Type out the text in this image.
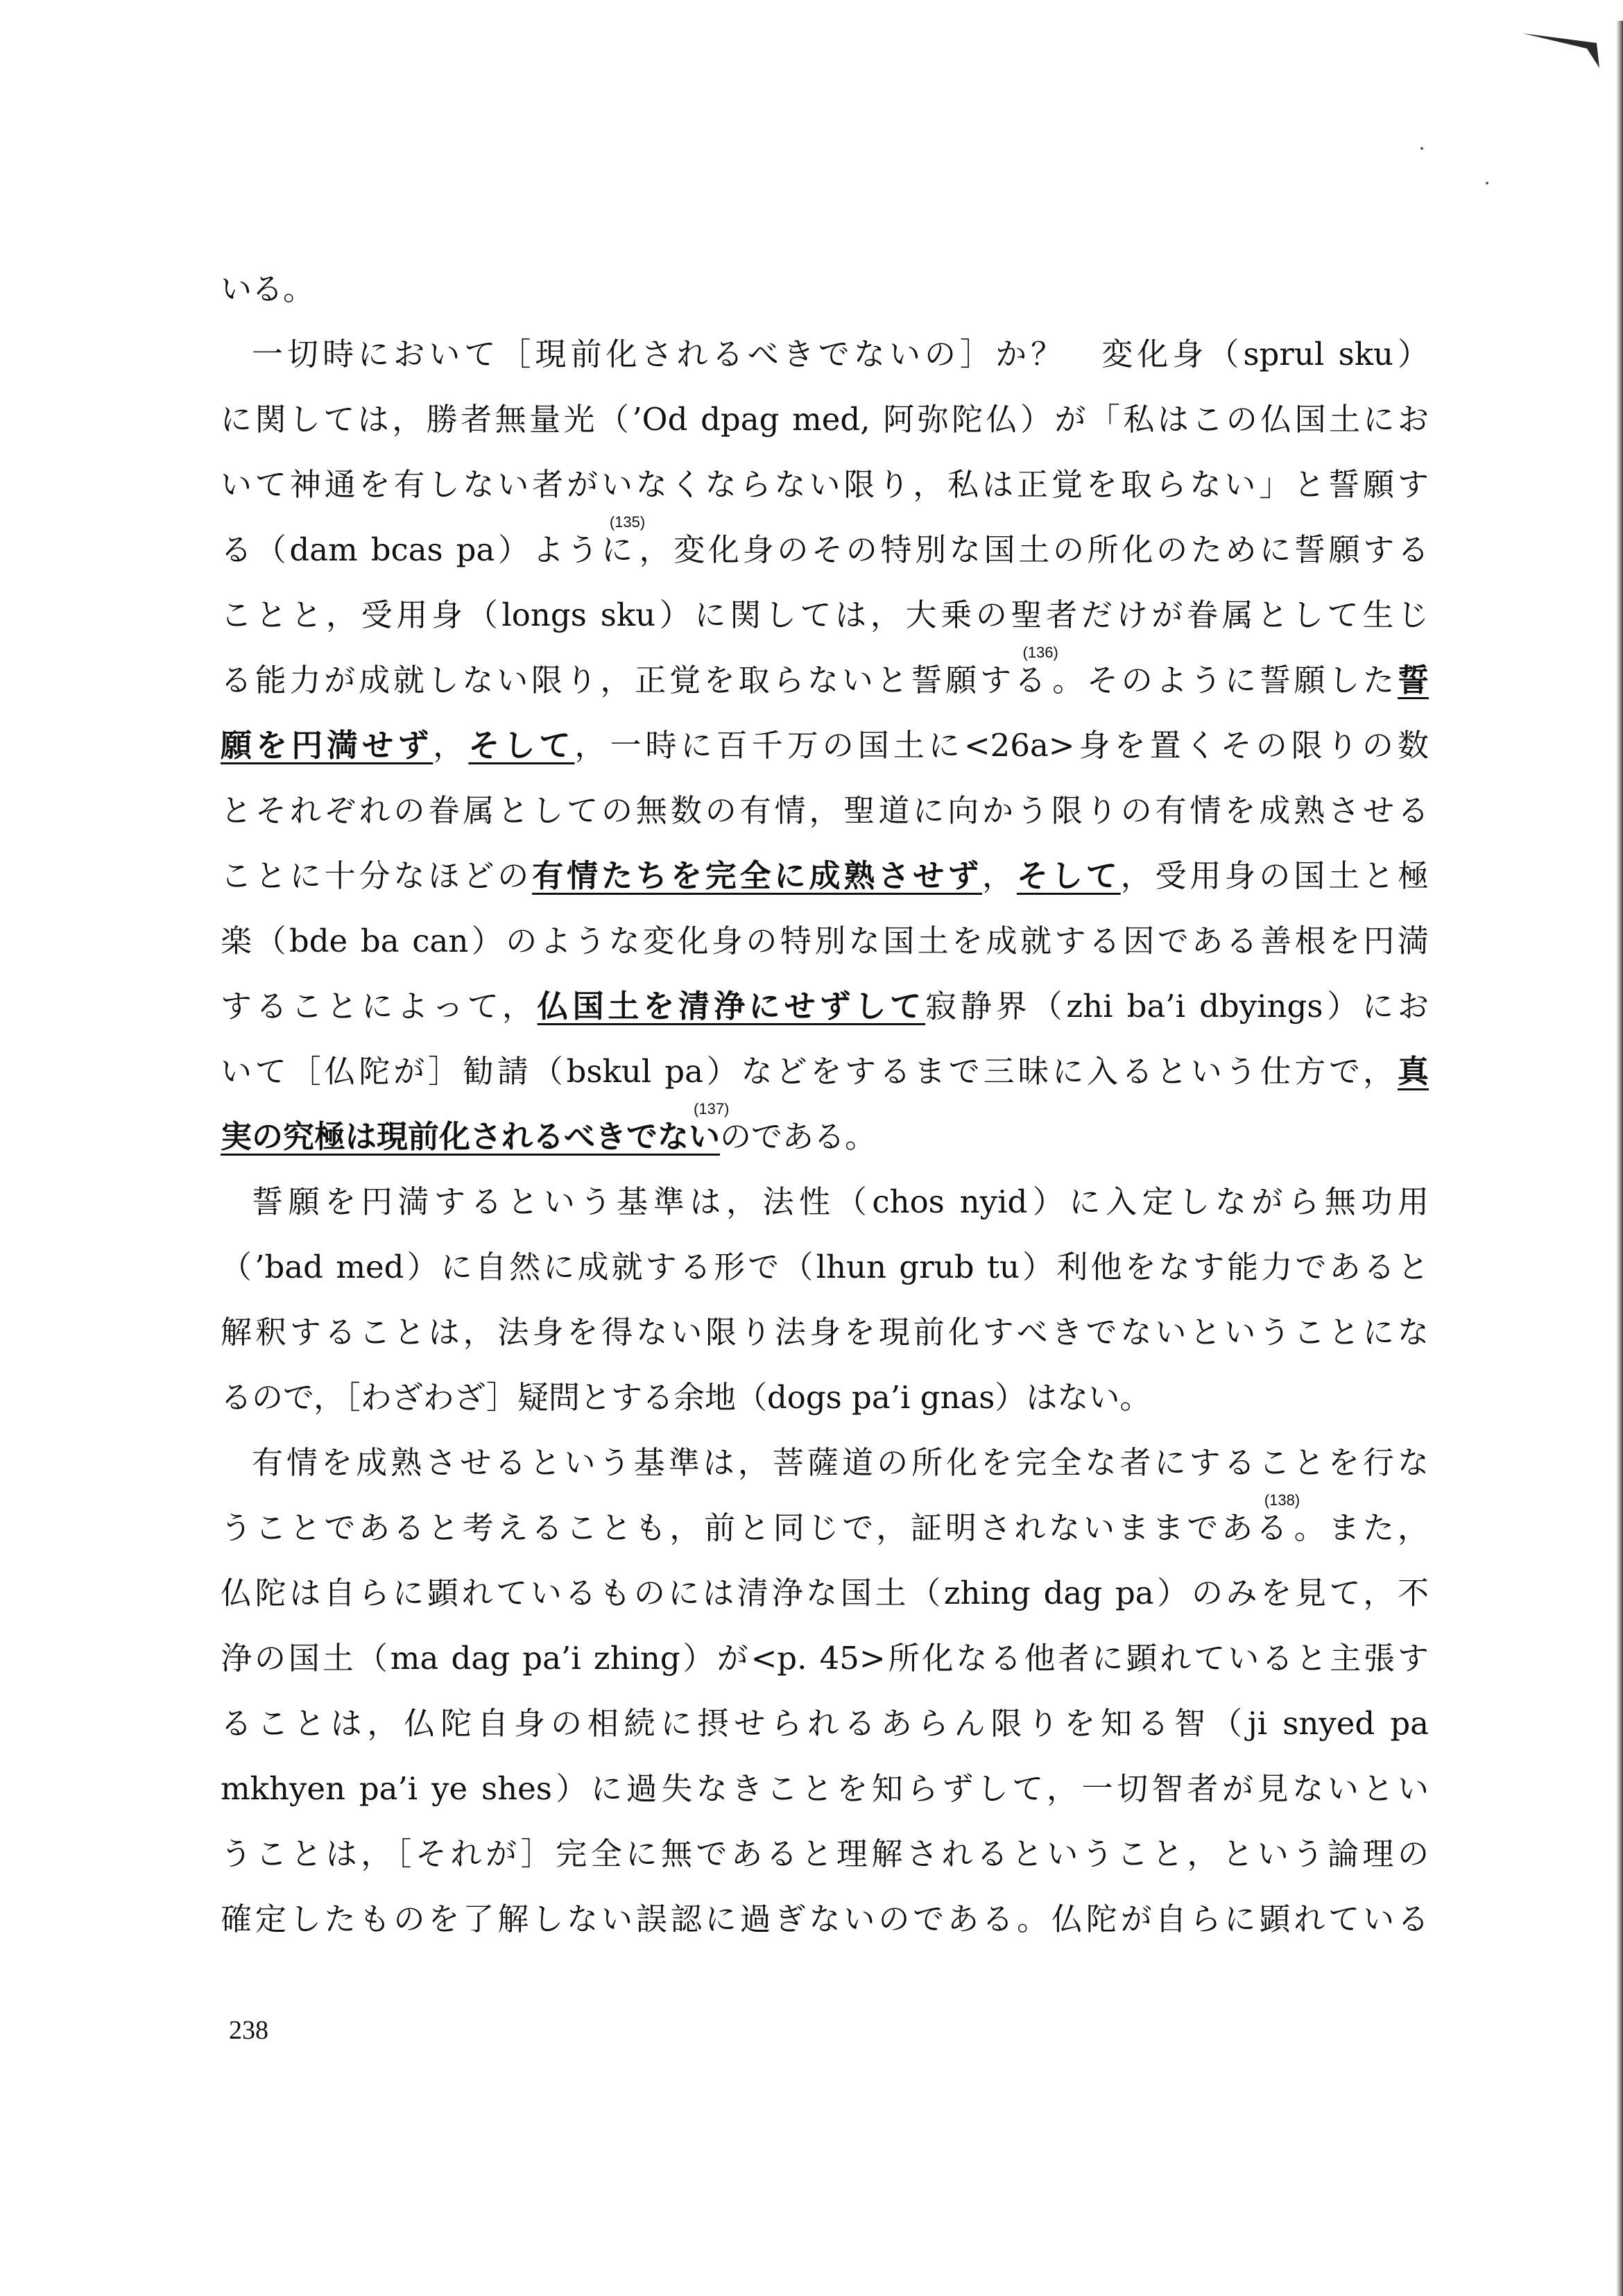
いる。
一切時において［現前化されるべきでないの］か？　変化身（sprul sku）
に関しては，勝者無量光（’Od dpag med, 阿弥陀仏）が「私はこの仏国土にお
いて神通を有しない者がいなくならない限り，私は正覚を取らない」と誓願す
る（dam bcas pa）ように
(135)
，変化身のその特別な国土の所化のために誓願する
ことと，受用身（longs sku）に関しては，大乗の聖者だけが眷属として生じ
る能力が成就しない限り，正覚を取らないと誓願する
(136)
。そのように誓願した誓
願を円満せず，そして，一時に百千万の国土に<26a>身を置くその限りの数
とそれぞれの眷属としての無数の有情，聖道に向かう限りの有情を成熟させる
ことに十分なほどの有情たちを完全に成熟させず，そして，受用身の国土と極
楽（bde ba can）のような変化身の特別な国土を成就する因である善根を円満
することによって，仏国土を清浄にせずして寂静界（zhi ba’i dbyings）にお
いて［仏陀が］勧請（bskul pa）などをするまで三昧に入るという仕方で，真
実の究極は現前化されるべきでない
(137)
のである。
誓願を円満するという基準は，法性（chos nyid）に入定しながら無功用
（’bad med）に自然に成就する形で（lhun grub tu）利他をなす能力であると
解釈することは，法身を得ない限り法身を現前化すべきでないということにな
るので，［わざわざ］疑問とする余地（dogs pa’i gnas）はない。
有情を成熟させるという基準は，菩薩道の所化を完全な者にすることを行な
うことであると考えることも，前と同じで，証明されないままである
(138)
。また，
仏陀は自らに顕れているものには清浄な国土（zhing dag pa）のみを見て，不
浄の国土（ma dag pa’i zhing）が<p. 45>所化なる他者に顕れていると主張す
ることは，仏陀自身の相続に摂せられるあらん限りを知る智（ji snyed pa
mkhyen pa’i ye shes）に過失なきことを知らずして，一切智者が見ないとい
うことは，［それが］完全に無であると理解されるということ，という論理の
確定したものを了解しない誤認に過ぎないのである。仏陀が自らに顕れている
238
